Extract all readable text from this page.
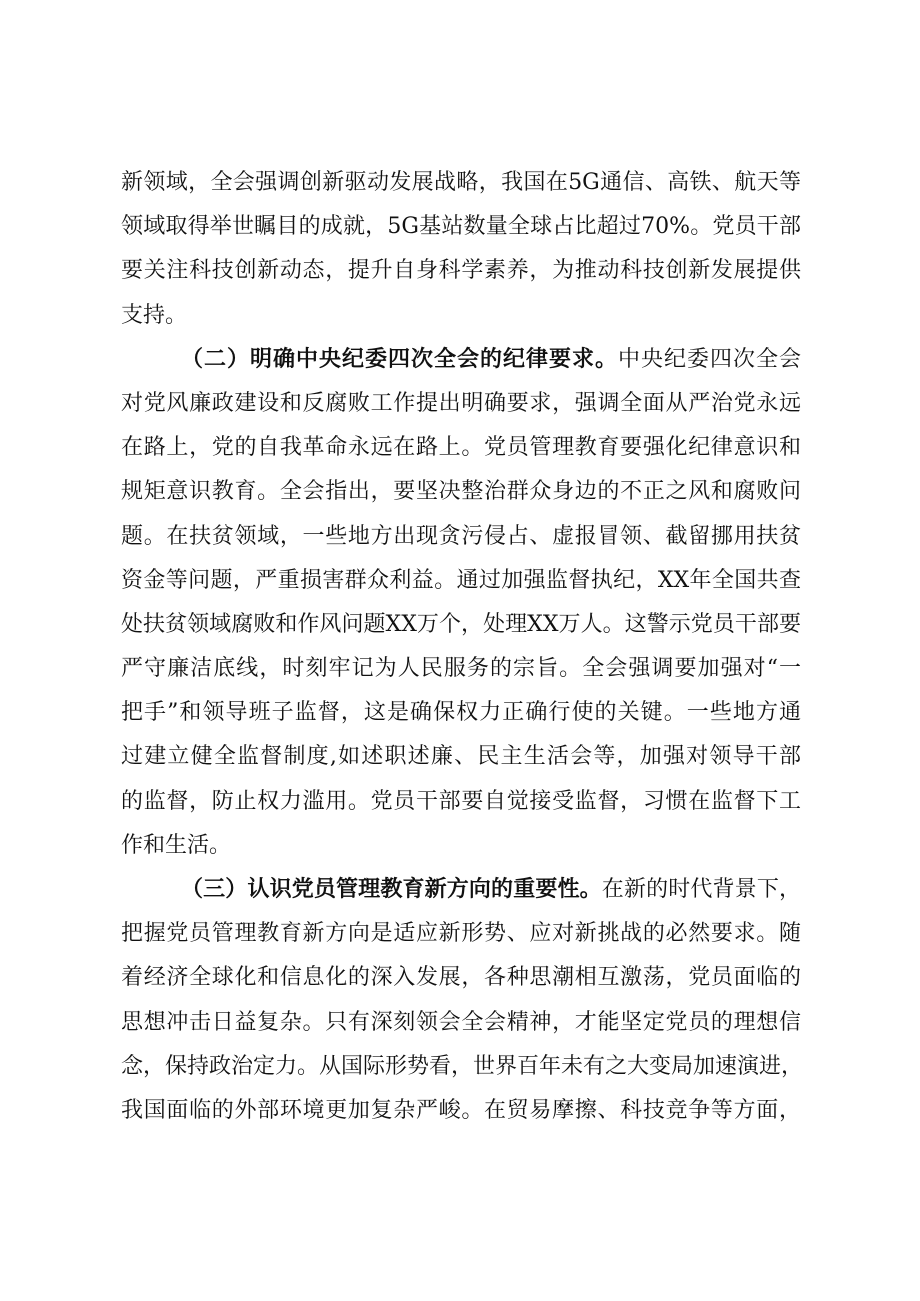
新领域，全会强调创新驱动发展战略，我国在5G通信、高铁、航天等
领域取得举世瞩目的成就，5G基站数量全球占比超过70%。党员干部
要关注科技创新动态，提升自身科学素养，为推动科技创新发展提供
支持。
（二）明确中央纪委四次全会的纪律要求。中央纪委四次全会
对党风廉政建设和反腐败工作提出明确要求，强调全面从严治党永远
在路上，党的自我革命永远在路上。党员管理教育要强化纪律意识和
规矩意识教育。全会指出，要坚决整治群众身边的不正之风和腐败问
题。在扶贫领域，一些地方出现贪污侵占、虚报冒领、截留挪用扶贫
资金等问题，严重损害群众利益。通过加强监督执纪，XX年全国共查
处扶贫领域腐败和作风问题XX万个，处理XX万人。这警示党员干部要
严守廉洁底线，时刻牢记为人民服务的宗旨。全会强调要加强对“一
把手”和领导班子监督，这是确保权力正确行使的关键。一些地方通
过建立健全监督制度,如述职述廉、民主生活会等，加强对领导干部
的监督，防止权力滥用。党员干部要自觉接受监督，习惯在监督下工
作和生活。
（三）认识党员管理教育新方向的重要性。在新的时代背景下，
把握党员管理教育新方向是适应新形势、应对新挑战的必然要求。随
着经济全球化和信息化的深入发展，各种思潮相互激荡，党员面临的
思想冲击日益复杂。只有深刻领会全会精神，才能坚定党员的理想信
念，保持政治定力。从国际形势看，世界百年未有之大变局加速演进，
我国面临的外部环境更加复杂严峻。在贸易摩擦、科技竞争等方面，
